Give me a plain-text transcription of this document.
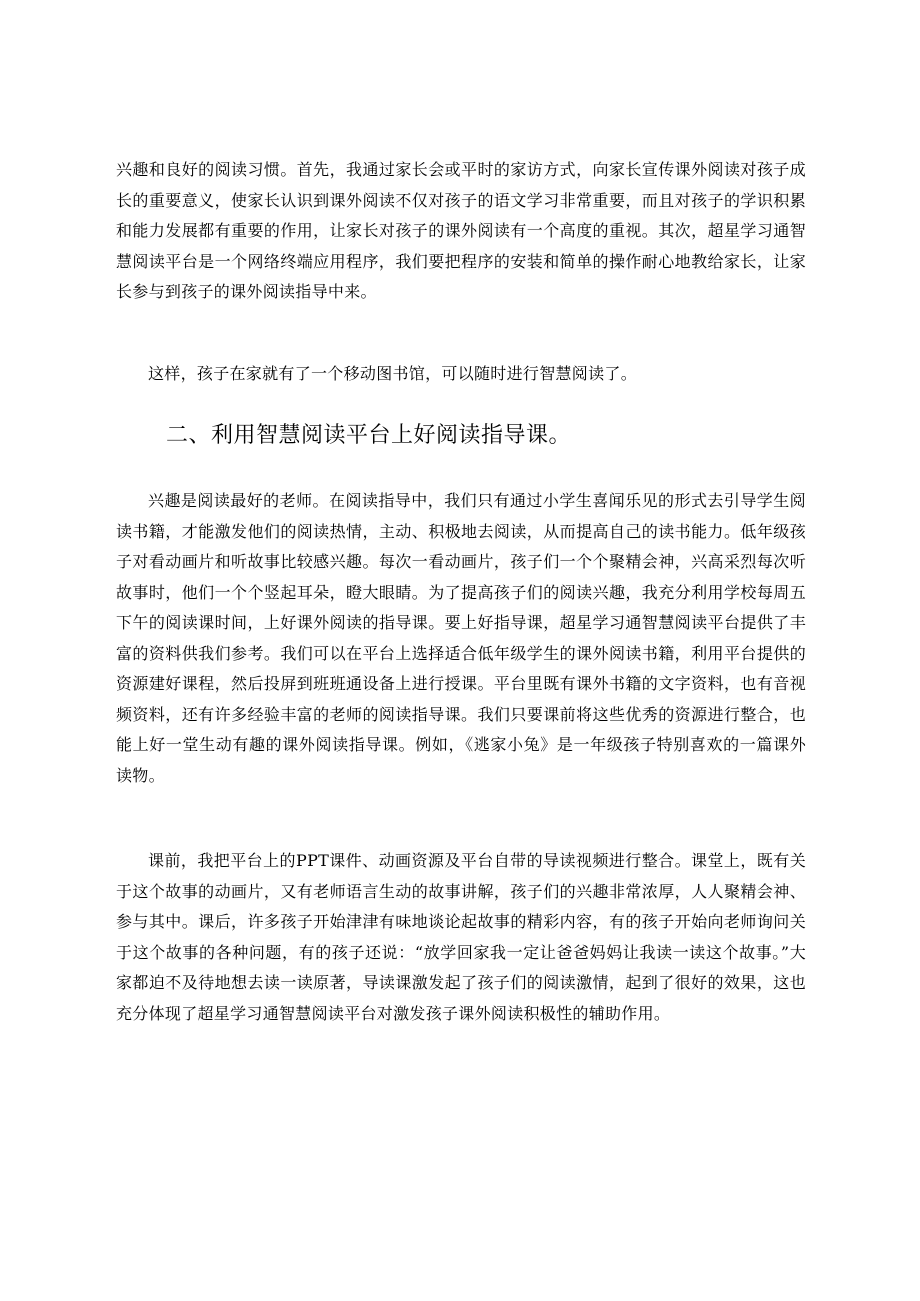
兴趣和良好的阅读习惯。首先，我通过家长会或平时的家访方式，向家长宣传课外阅读对孩子成长的重要意义，使家长认识到课外阅读不仅对孩子的语文学习非常重要，而且对孩子的学识积累和能力发展都有重要的作用，让家长对孩子的课外阅读有一个高度的重视。其次，超星学习通智慧阅读平台是一个网络终端应用程序，我们要把程序的安装和简单的操作耐心地教给家长，让家长参与到孩子的课外阅读指导中来。

这样，孩子在家就有了一个移动图书馆，可以随时进行智慧阅读了。

二、利用智慧阅读平台上好阅读指导课。

兴趣是阅读最好的老师。在阅读指导中，我们只有通过小学生喜闻乐见的形式去引导学生阅读书籍，才能激发他们的阅读热情，主动、积极地去阅读，从而提高自己的读书能力。低年级孩子对看动画片和听故事比较感兴趣。每次一看动画片，孩子们一个个聚精会神，兴高采烈每次听故事时，他们一个个竖起耳朵，瞪大眼睛。为了提高孩子们的阅读兴趣，我充分利用学校每周五下午的阅读课时间，上好课外阅读的指导课。要上好指导课，超星学习通智慧阅读平台提供了丰富的资料供我们参考。我们可以在平台上选择适合低年级学生的课外阅读书籍，利用平台提供的资源建好课程，然后投屏到班班通设备上进行授课。平台里既有课外书籍的文字资料，也有音视频资料，还有许多经验丰富的老师的阅读指导课。我们只要课前将这些优秀的资源进行整合，也能上好一堂生动有趣的课外阅读指导课。例如，《逃家小兔》是一年级孩子特别喜欢的一篇课外读物。

课前，我把平台上的PPT课件、动画资源及平台自带的导读视频进行整合。课堂上，既有关于这个故事的动画片，又有老师语言生动的故事讲解，孩子们的兴趣非常浓厚，人人聚精会神、参与其中。课后，许多孩子开始津津有味地谈论起故事的精彩内容，有的孩子开始向老师询问关于这个故事的各种问题，有的孩子还说：“放学回家我一定让爸爸妈妈让我读一读这个故事。”大家都迫不及待地想去读一读原著，导读课激发起了孩子们的阅读激情，起到了很好的效果，这也充分体现了超星学习通智慧阅读平台对激发孩子课外阅读积极性的辅助作用。
